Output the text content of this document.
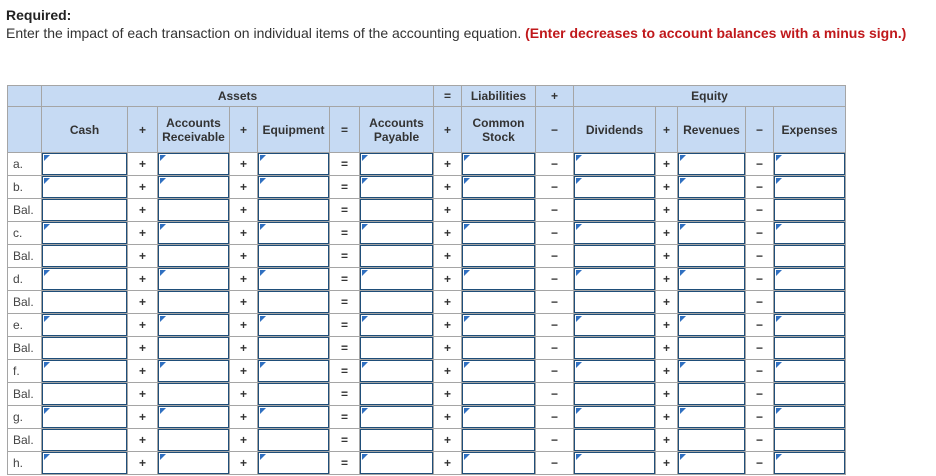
Required:
Enter the impact of each transaction on individual items of the accounting equation. (Enter decreases to account balances with a minus sign.)
	Assets							=	Liabilities	+	Equity				
	Cash	+	Accounts Receivable	+	Equipment	=	Accounts Payable	+	Common Stock	−	Dividends	+	Revenues	−	Expenses
a.		+		+		=		+		−		+		−	

b.		+		+		=		+		−		+		−	

Bal.		+		+		=		+		−		+		−	

c.		+		+		=		+		−		+		−	

Bal.		+		+		=		+		−		+		−	

d.		+		+		=		+		−		+		−	

Bal.		+		+		=		+		−		+		−	

e.		+		+		=		+		−		+		−	

Bal.		+		+		=		+		−		+		−	

f.		+		+		=		+		−		+		−	

Bal.		+		+		=		+		−		+		−	

g.		+		+		=		+		−		+		−	

Bal.		+		+		=		+		−		+		−	

h.		+		+		=		+		−		+		−	
